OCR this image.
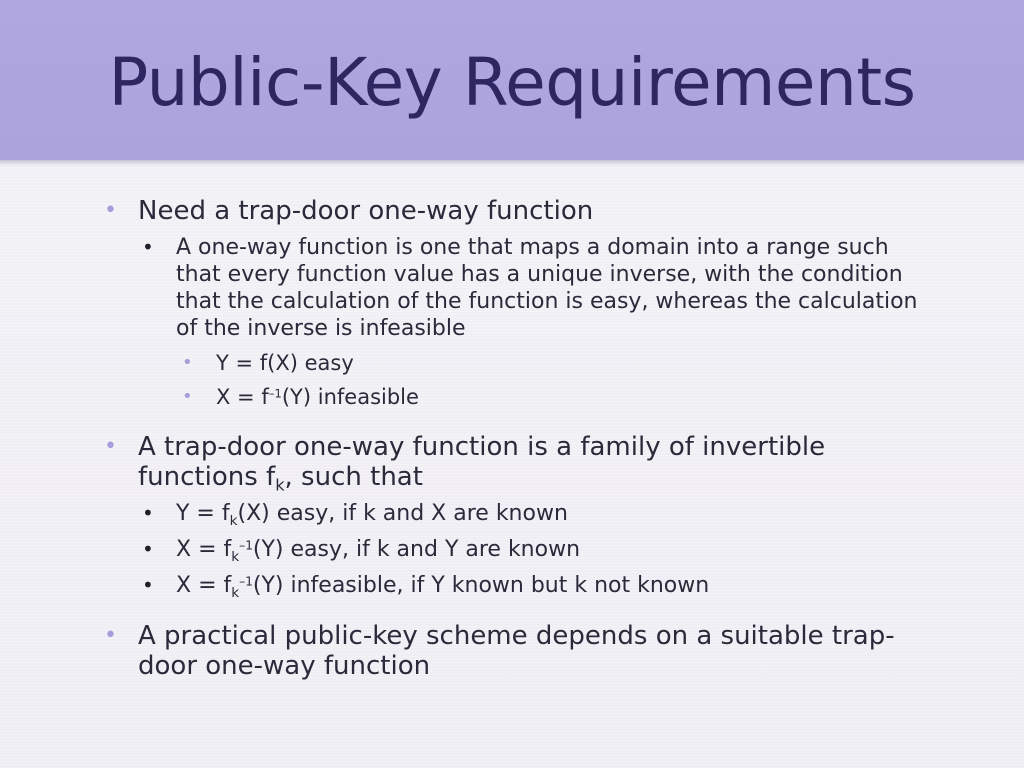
Public-Key Requirements
• Need a trap-door one-way function
• A one-way function is one that maps a domain into a range such that every function value has a unique inverse, with the condition that the calculation of the function is easy, whereas the calculation of the inverse is infeasible
• Y = f(X) easy
• $X = f^{-1}(Y)$ infeasible
• A trap-door one-way function is a family of invertible functions $f_k$, such that
• $Y = f_k(X)$ easy, if k and X are known
• $X = f_k^{-1}(Y)$ easy, if k and Y are known
• $X = f_k^{-1}(Y)$ infeasible, if Y known but k not known
• A practical public-key scheme depends on a suitable trap-door one-way function
